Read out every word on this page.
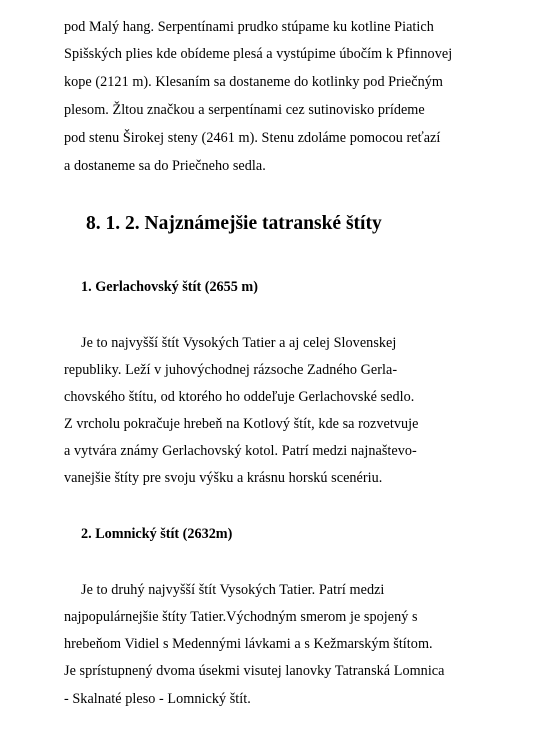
pod Malý hang. Serpentínami prudko stúpame ku kotline Piatich
Spišských plies kde obídeme plesá a vystúpime úbočím k Pfinnovej
kope (2121 m). Klesaním sa dostaneme do kotlinky pod Priečným
plesom. Žltou značkou a serpentínami cez sutinovisko prídeme
pod stenu Širokej steny (2461 m). Stenu zdoláme pomocou reťazí
a dostaneme sa do Priečneho sedla.
8. 1. 2. Najznámejšie tatranské štíty
1. Gerlachovský štít (2655 m)
Je to najvyšší štít Vysokých Tatier a aj celej Slovenskej
republiky. Leží v juhovýchodnej rázsoche Zadného Gerla-
chovského štítu, od ktorého ho oddeľuje Gerlachovské sedlo.
Z vrcholu pokračuje hrebeň na Kotlový štít, kde sa rozvetvuje
a vytvára známy Gerlachovský kotol. Patrí medzi najnaštevo-
vanejšie štíty pre svoju výšku a krásnu horskú scenériu.
2. Lomnický štít (2632m)
Je to druhý najvyšší štít Vysokých Tatier. Patrí medzi
najpopulárnejšie štíty Tatier.Východným smerom je spojený s
hrebeňom Vidiel s Medennými lávkami a s Kežmarským štítom.
Je sprístupnený dvoma úsekmi visutej lanovky Tatranská Lomnica
- Skalnaté pleso - Lomnický štít.
